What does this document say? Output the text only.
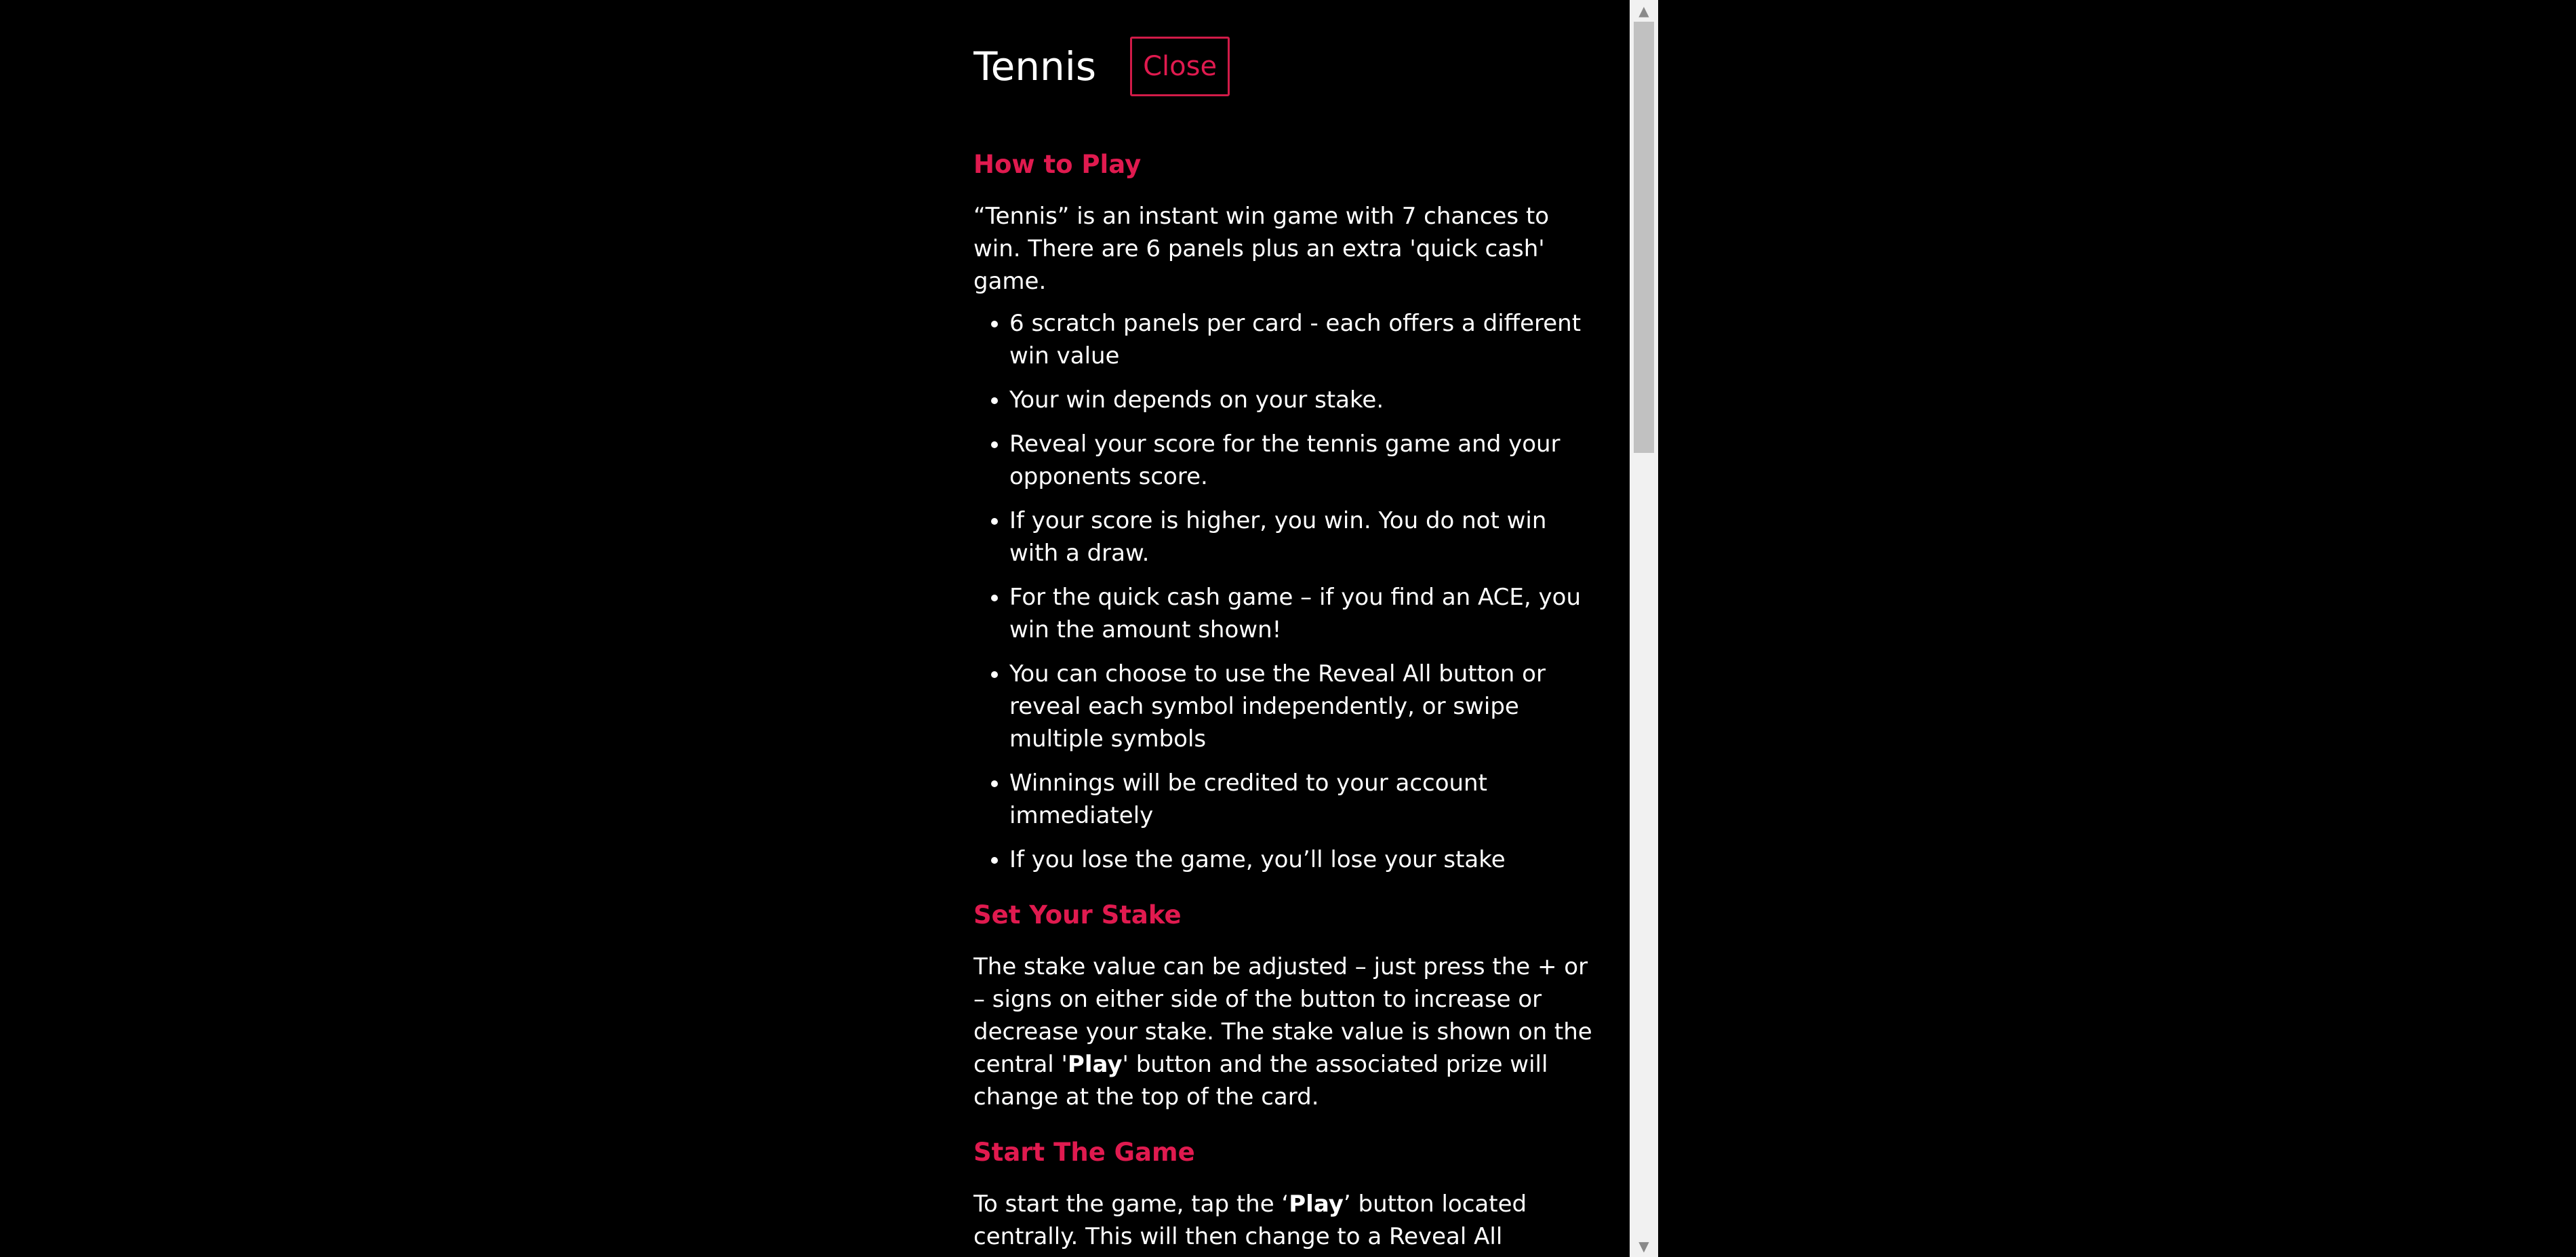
Tennis	Close
How to Play

“Tennis” is an instant win game with 7 chances to win. There are 6 panels plus an extra 'quick cash' game.

• 6 scratch panels per card - each offers a different win value
• Your win depends on your stake.
• Reveal your score for the tennis game and your opponents score.
• If your score is higher, you win. You do not win with a draw.
• For the quick cash game – if you find an ACE, you win the amount shown!
• You can choose to use the Reveal All button or reveal each symbol independently, or swipe multiple symbols
• Winnings will be credited to your account immediately
• If you lose the game, you’ll lose your stake
Set Your Stake

The stake value can be adjusted – just press the + or – signs on either side of the button to increase or decrease your stake. The stake value is shown on the central 'Play' button and the associated prize will change at the top of the card.

Start The Game

To start the game, tap the ‘Play’ button located centrally. This will then change to a Reveal All

▲
▼
